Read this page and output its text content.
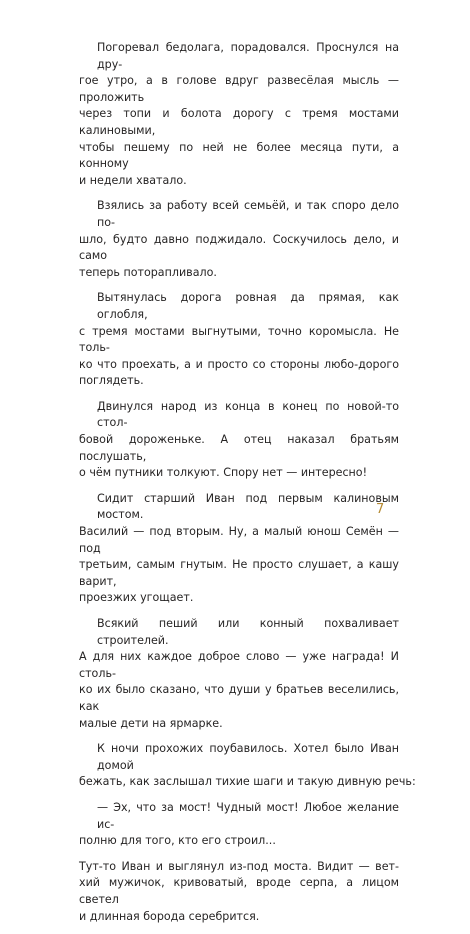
Погоревал бедолага, порадовался. Проснулся на дру-
гое утро, а в голове вдруг развесёлая мысль — проложить
через топи и болота дорогу с тремя мостами калиновыми,
чтобы пешему по ней не более месяца пути, а конному
и недели хватало.

Взялись за работу всей семьёй, и так споро дело по-
шло, будто давно поджидало. Соскучилось дело, и само
теперь поторапливало.

Вытянулась дорога ровная да прямая, как оглобля,
с тремя мостами выгнутыми, точно коромысла. Не толь-
ко что проехать, а и просто со стороны любо-дорого
поглядеть.

Двинулся народ из конца в конец по новой-то стол-
бовой дороженьке. А отец наказал братьям послушать,
о чём путники толкуют. Спору нет — интересно!

Сидит старший Иван под первым калиновым мостом.
Василий — под вторым. Ну, а малый юнош Семён — под
третьим, самым гнутым. Не просто слушает, а кашу варит,
проезжих угощает.

Всякий пеший или конный похваливает строителей.
А для них каждое доброе слово — уже награда! И столь-
ко их было сказано, что души у братьев веселились, как
малые дети на ярмарке.

К ночи прохожих поубавилось. Хотел было Иван домой
бежать, как заслышал тихие шаги и такую дивную речь:

— Эх, что за мост! Чудный мост! Любое желание ис-
полню для того, кто его строил...

Тут-то Иван и выглянул из-под моста. Видит — вет-
хий мужичок, кривоватый, вроде серпа, а лицом светел
и длинная борода серебрится.

7
